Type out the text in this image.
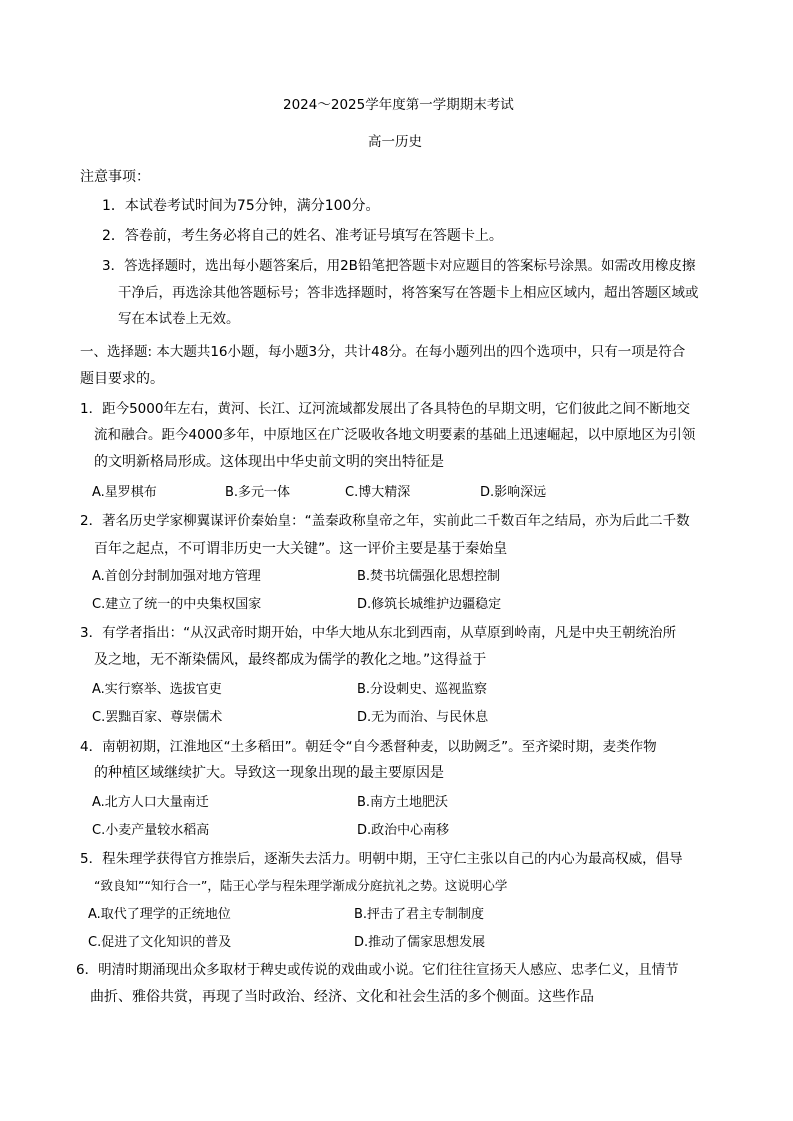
2024～2025学年度第一学期期末考试
高一历史
注意事项：
1．本试卷考试时间为75分钟，满分100分。
2．答卷前，考生务必将自己的姓名、准考证号填写在答题卡上。
3．答选择题时，选出每小题答案后，用2B铅笔把答题卡对应题目的答案标号涂黑。如需改用橡皮擦
干净后，再选涂其他答题标号；答非选择题时，将答案写在答题卡上相应区域内，超出答题区域或
写在本试卷上无效。
一、选择题: 本大题共16小题，每小题3分，共计48分。在每小题列出的四个选项中，只有一项是符合
题目要求的。
1．距今5000年左右，黄河、长江、辽河流域都发展出了各具特色的早期文明，它们彼此之间不断地交
流和融合。距今4000多年，中原地区在广泛吸收各地文明要素的基础上迅速崛起，以中原地区为引领
的文明新格局形成。这体现出中华史前文明的突出特征是
A.星罗棋布	B.多元一体	C.博大精深	D.影响深远
2．著名历史学家柳翼谋评价秦始皇：“盖秦政称皇帝之年，实前此二千数百年之结局，亦为后此二千数
百年之起点，不可谓非历史一大关键”。这一评价主要是基于秦始皇
A.首创分封制加强对地方管理	B.焚书坑儒强化思想控制
C.建立了统一的中央集权国家	D.修筑长城维护边疆稳定
3．有学者指出：“从汉武帝时期开始，中华大地从东北到西南，从草原到岭南，凡是中央王朝统治所
及之地，无不渐染儒风，最终都成为儒学的教化之地。”这得益于
A.实行察举、选拔官吏	B.分设刺史、巡视监察
C.罢黜百家、尊崇儒术	D.无为而治、与民休息
4．南朝初期，江淮地区“土多稻田”。朝廷令“自今悉督种麦，以助阙乏”。至齐梁时期，麦类作物
的种植区域继续扩大。导致这一现象出现的最主要原因是
A.北方人口大量南迁	B.南方土地肥沃
C.小麦产量较水稻高	D.政治中心南移
5．程朱理学获得官方推崇后，逐渐失去活力。明朝中期，王守仁主张以自己的内心为最高权威，倡导
“致良知”“知行合一”，陆王心学与程朱理学渐成分庭抗礼之势。这说明心学
A.取代了理学的正统地位	B.抨击了君主专制制度
C.促进了文化知识的普及	D.推动了儒家思想发展
6．明清时期涌现出众多取材于稗史或传说的戏曲或小说。它们往往宣扬天人感应、忠孝仁义，且情节
曲折、雅俗共赏，再现了当时政治、经济、文化和社会生活的多个侧面。这些作品
